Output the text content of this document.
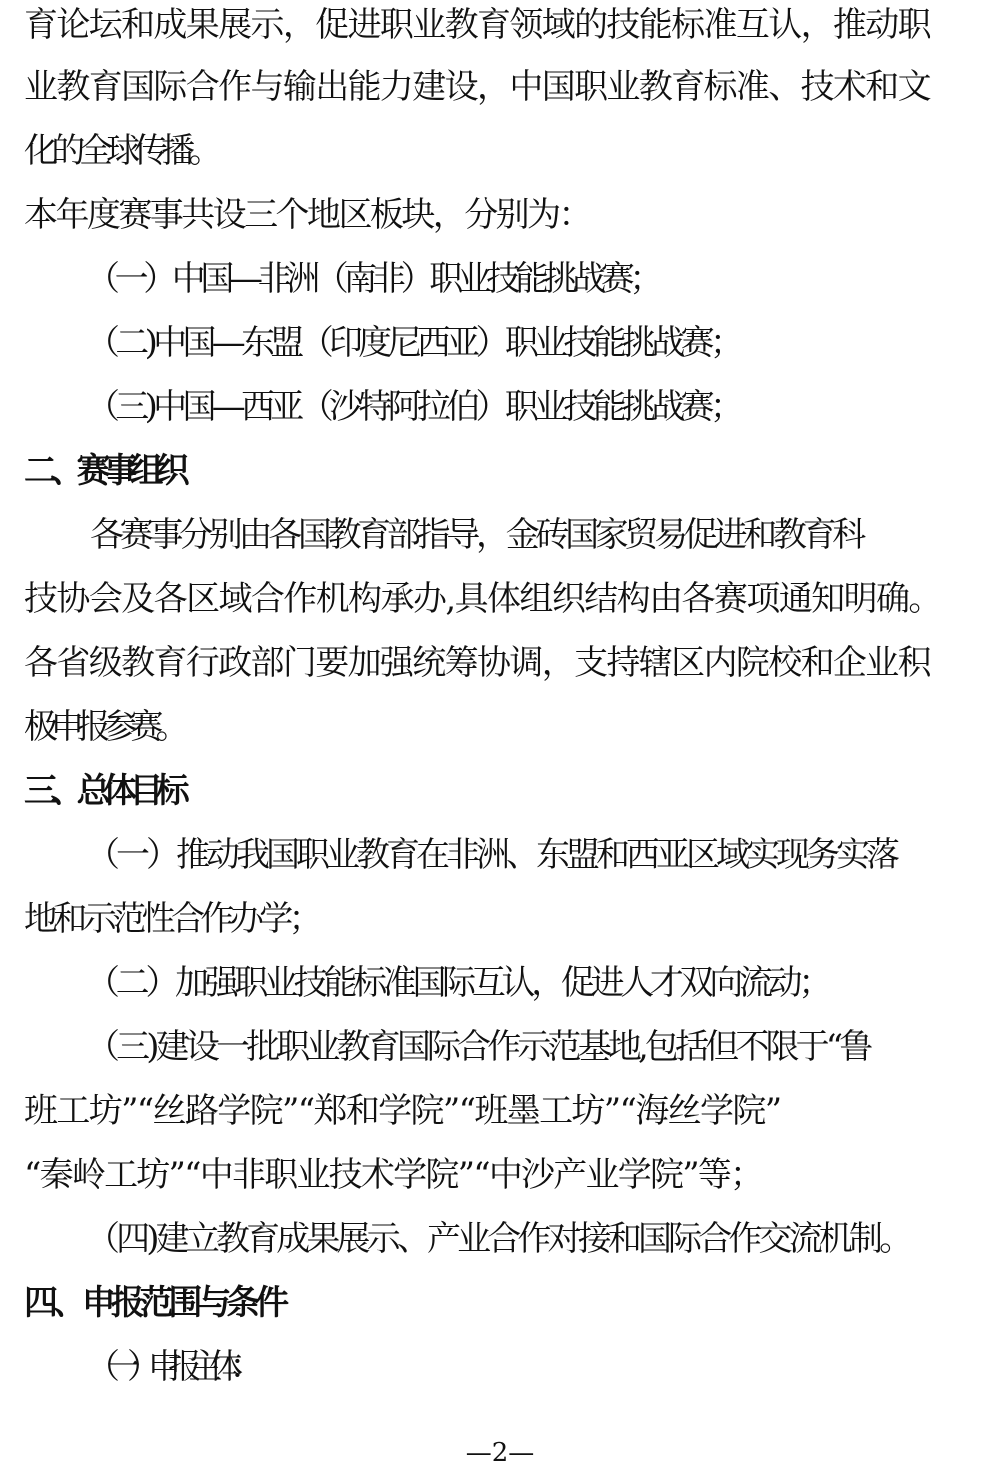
育论坛和成果展示，促进职业教育领域的技能标准互认，推动职
业教育国际合作与输出能力建设，中国职业教育标准、技术和文
化的全球传播。
本年度赛事共设三个地区板块，分别为：
（一）中国—非洲（南非）职业技能挑战赛；
（二)中国—东盟（印度尼西亚）职业技能挑战赛；
（三)中国—西亚（沙特阿拉伯）职业技能挑战赛；
二、赛事组织
各赛事分别由各国教育部指导，金砖国家贸易促进和教育科
技协会及各区域合作机构承办,具体组织结构由各赛项通知明确。
各省级教育行政部门要加强统筹协调，支持辖区内院校和企业积
极申报参赛。
三、总体目标
（一）推动我国职业教育在非洲、东盟和西亚区域实现务实落
地和示范性合作办学；
（二）加强职业技能标准国际互认，促进人才双向流动；
（三)建设一批职业教育国际合作示范基地,包括但不限于“鲁
班工坊”“丝路学院”“郑和学院”“班墨工坊”“海丝学院”
“秦岭工坊”“中非职业技术学院”“中沙产业学院”等；
（四)建立教育成果展示、产业合作对接和国际合作交流机制。
四、申报范围与条件
（一）申报主体：
—2—
